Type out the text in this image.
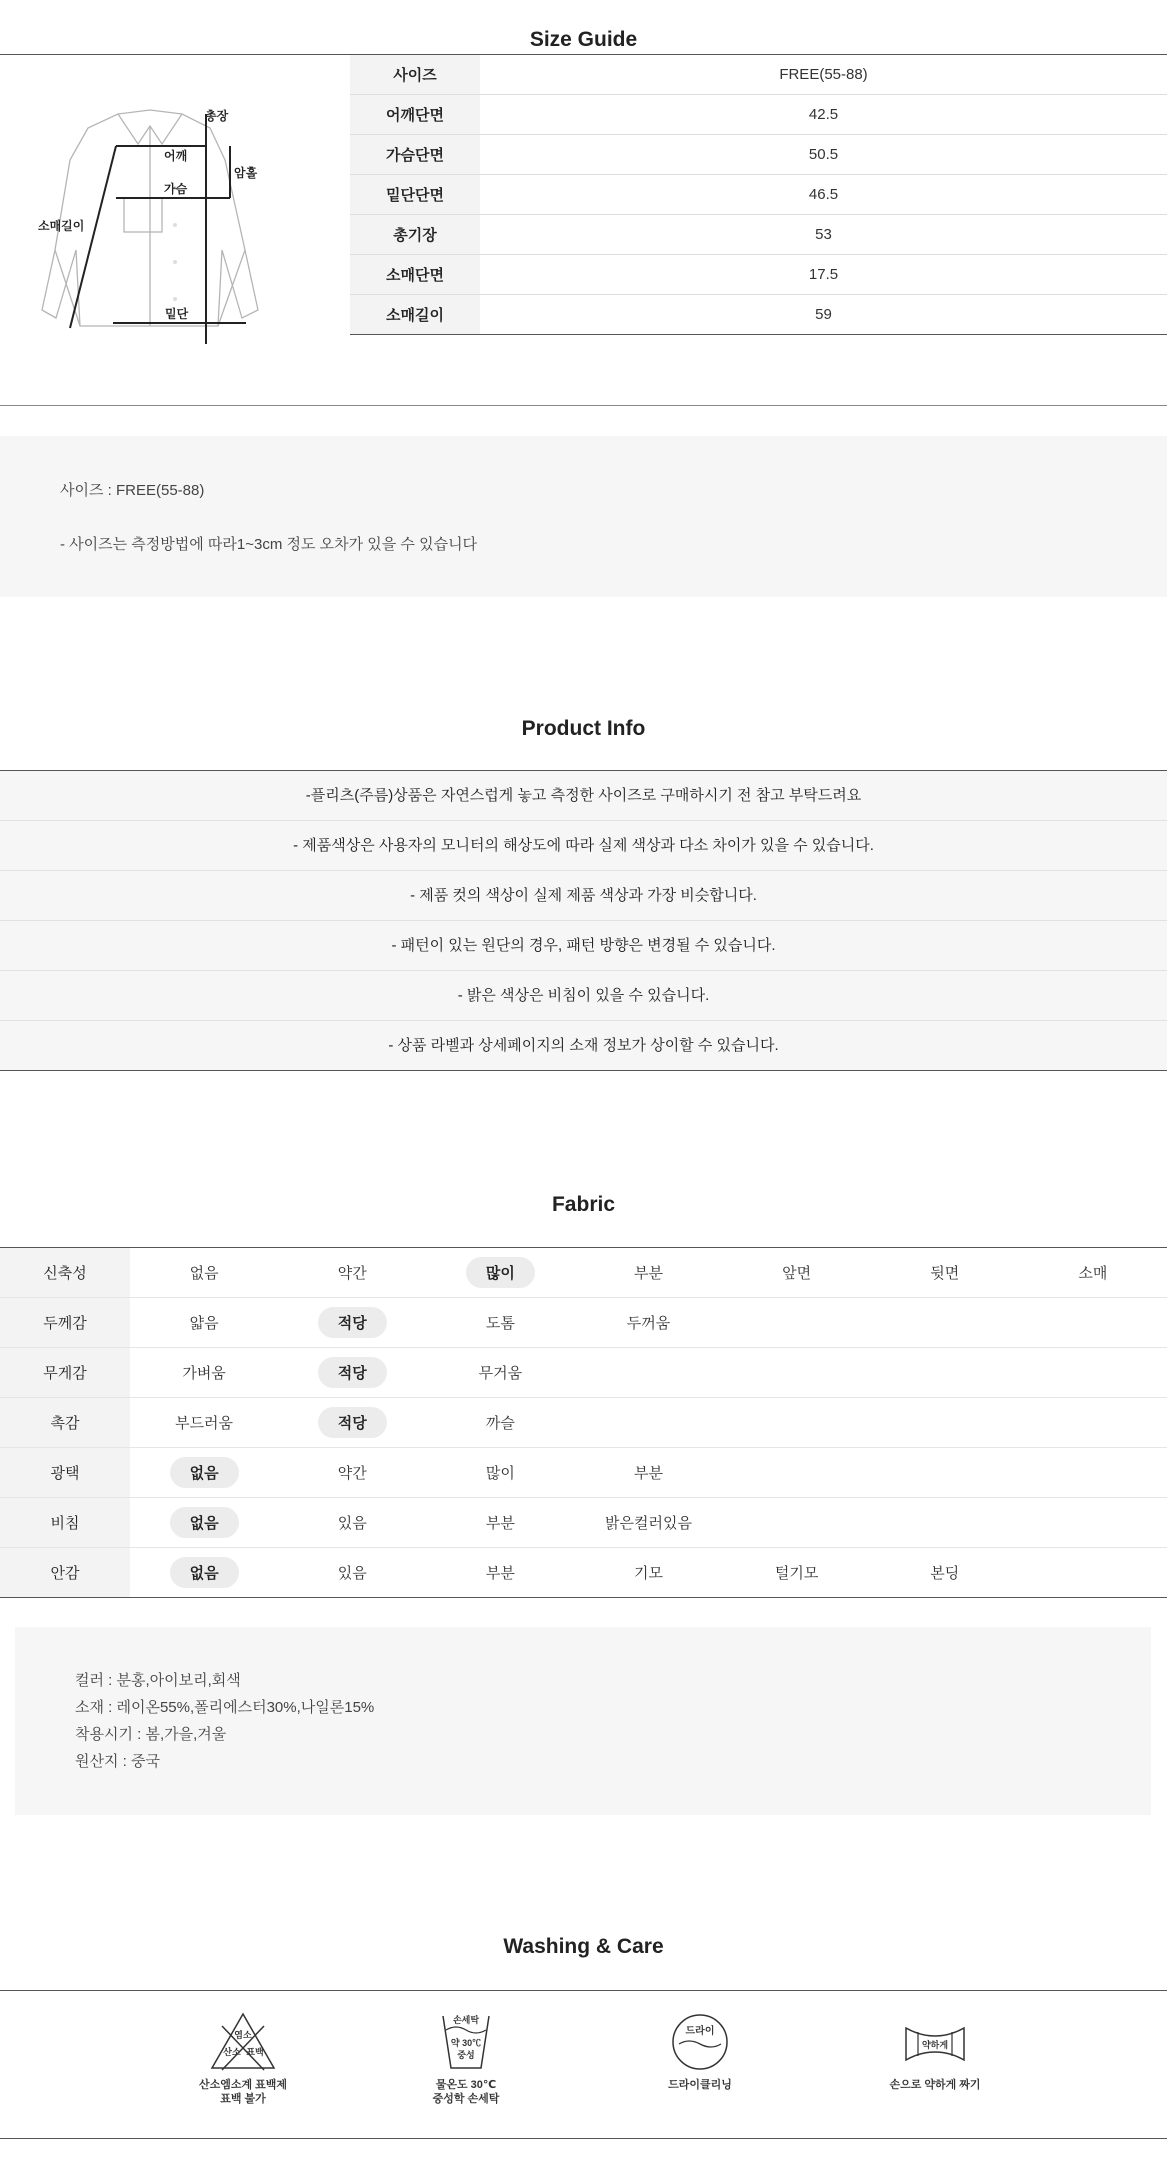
Size Guide
총장
어깨
가슴
암홀
소매길이
밑단
사이즈	FREE(55-88)
어깨단면	42.5
가슴단면	50.5
밑단단면	46.5
총기장	53
소매단면	17.5
소매길이	59
사이즈 : FREE(55-88)
- 사이즈는 측정방법에 따라1~3cm 정도 오차가 있을 수 있습니다
Product Info
-플리츠(주름)상품은 자연스럽게 놓고 측정한 사이즈로 구매하시기 전 참고 부탁드려요
- 제품색상은 사용자의 모니터의 해상도에 따라 실제 색상과 다소 차이가 있을 수 있습니다.
- 제품 컷의 색상이 실제 제품 색상과 가장 비슷합니다.
- 패턴이 있는 원단의 경우, 패턴 방향은 변경될 수 있습니다.
- 밝은 색상은 비침이 있을 수 있습니다.
- 상품 라벨과 상세페이지의 소재 정보가 상이할 수 있습니다.
Fabric
신축성	없음	약간	많이	부분	앞면	뒷면	소매
두께감	얇음	적당	도톰	두꺼움			
무게감	가벼움	적당	무거움				
촉감	부드러움	적당	까슬				
광택	없음	약간	많이	부분			
비침	없음	있음	부분	밝은컬러있음			
안감	없음	있음	부분	기모	털기모	본딩	
컬러 : 분홍,아이보리,회색
소재 : 레이온55%,폴리에스터30%,나일론15%
착용시기 : 봄,가을,겨울
원산지 : 중국
Washing & Care
염소
산소 표백
산소엠소계 표백제
표백 불가
손세탁
약 30℃
중성
물온도 30℃
중성학 손세탁
드라이
드라이클리닝
약하게
손으로 약하게 짜기
